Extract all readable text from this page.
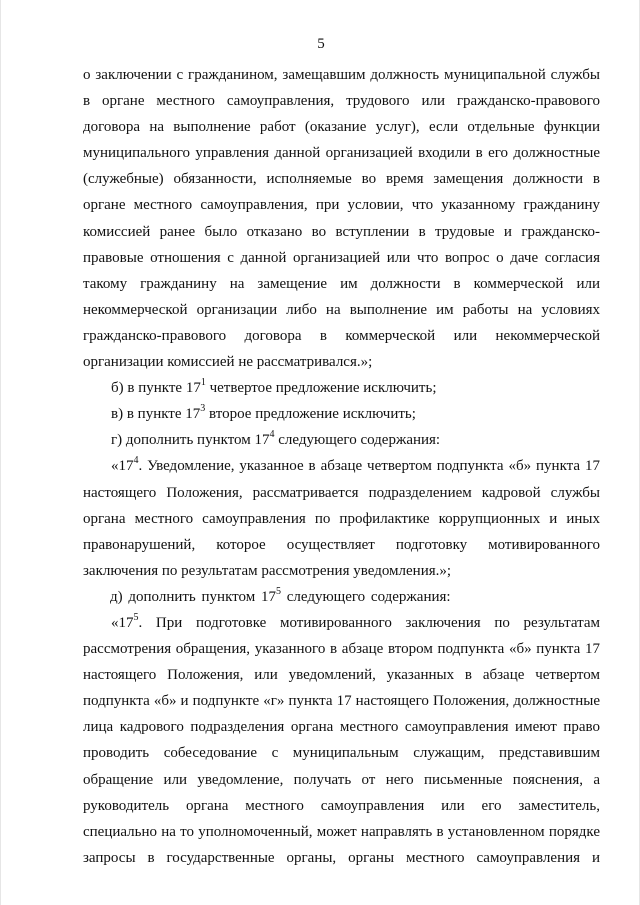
5
о заключении с гражданином, замещавшим должность муниципальной службы
в органе местного самоуправления, трудового или гражданско-правового
договора на выполнение работ (оказание услуг), если отдельные функции
муниципального управления данной организацией входили в его должностные
(служебные) обязанности, исполняемые во время замещения должности в
органе местного самоуправления, при условии, что указанному гражданину
комиссией ранее было отказано во вступлении в трудовые и гражданско-
правовые отношения с данной организацией или что вопрос о даче согласия
такому гражданину на замещение им должности в коммерческой или
некоммерческой организации либо на выполнение им работы на условиях
гражданско-правового договора в коммерческой или некоммерческой
организации комиссией не рассматривался.»;
б) в пункте $17^1$ четвертое предложение исключить;
в) в пункте $17^3$ второе предложение исключить;
г) дополнить пунктом $17^4$ следующего содержания:
«$17^4$. Уведомление, указанное в абзаце четвертом подпункта «б» пункта 17
настоящего Положения, рассматривается подразделением кадровой службы
органа местного самоуправления по профилактике коррупционных и иных
правонарушений, которое осуществляет подготовку мотивированного
заключения по результатам рассмотрения уведомления.»;
д) дополнить пунктом $17^5$ следующего содержания:
«$17^5$. При подготовке мотивированного заключения по результатам
рассмотрения обращения, указанного в абзаце втором подпункта «б» пункта 17
настоящего Положения, или уведомлений, указанных в абзаце четвертом
подпункта «б» и подпункте «г» пункта 17 настоящего Положения, должностные
лица кадрового подразделения органа местного самоуправления имеют право
проводить собеседование с муниципальным служащим, представившим
обращение или уведомление, получать от него письменные пояснения, а
руководитель органа местного самоуправления или его заместитель,
специально на то уполномоченный, может направлять в установленном порядке
запросы в государственные органы, органы местного самоуправления и
